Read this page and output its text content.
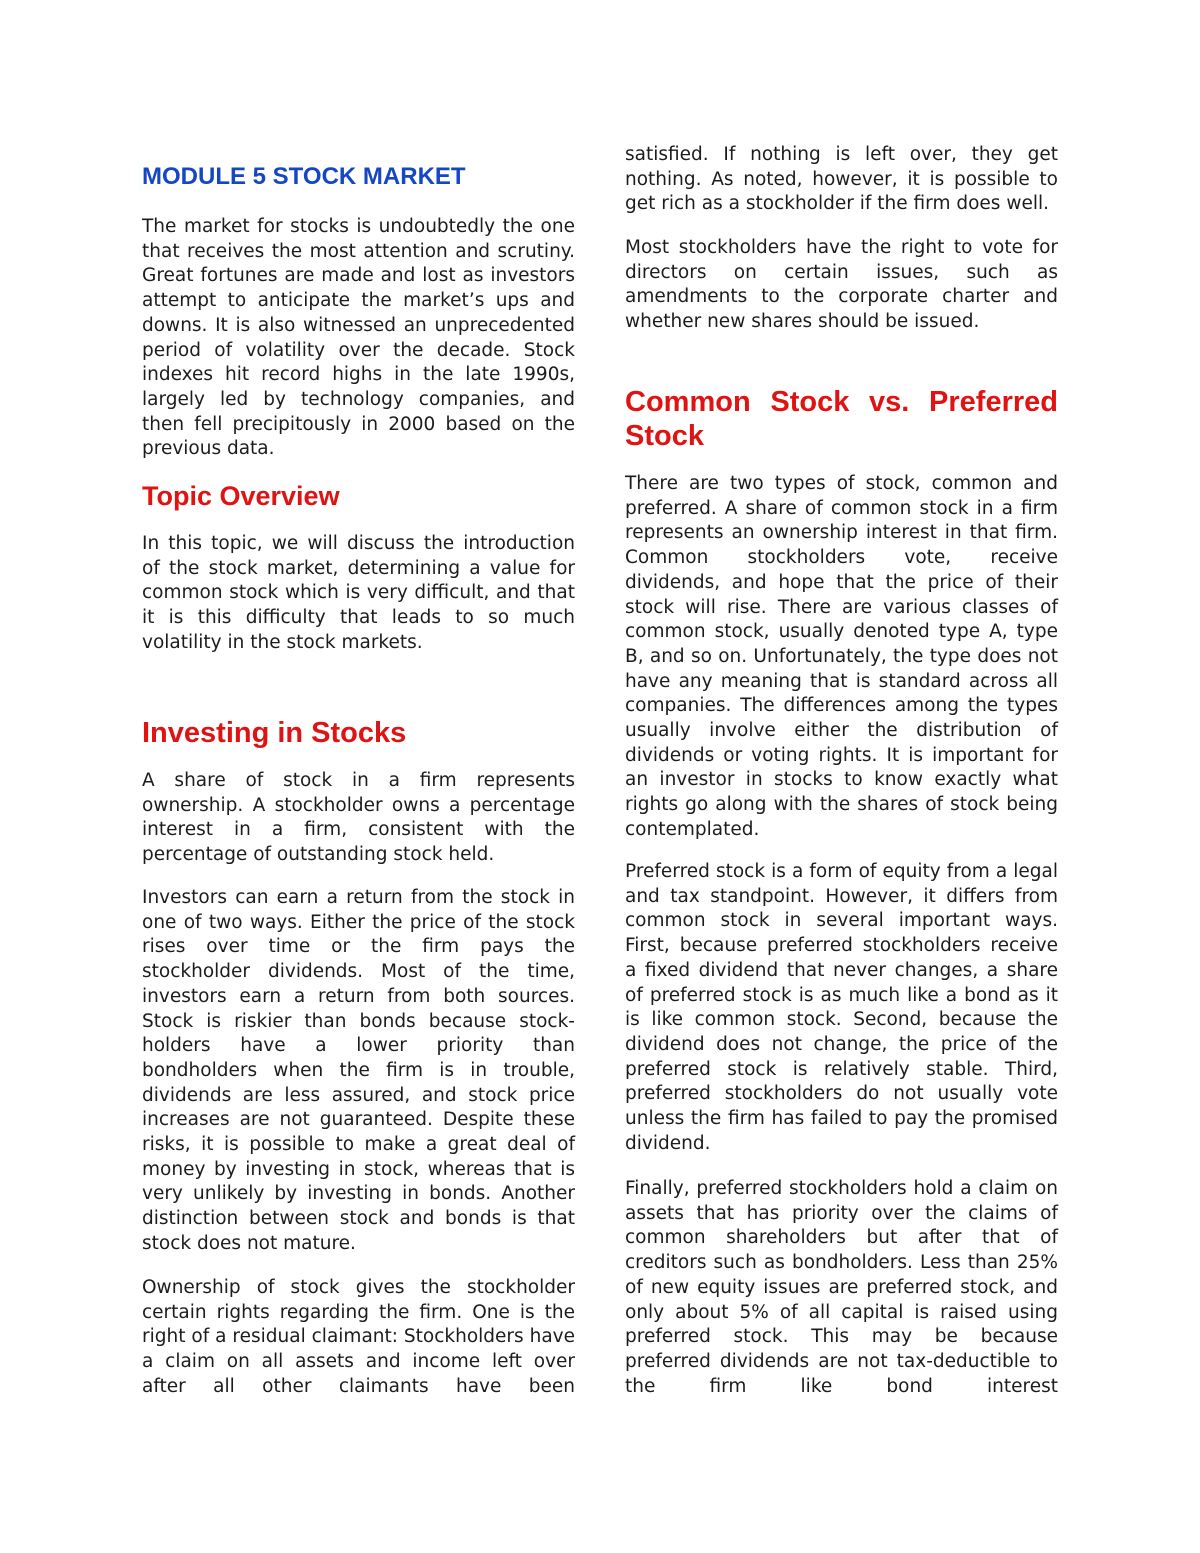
MODULE 5 STOCK MARKET

The market for stocks is undoubtedly the one that receives the most attention and scrutiny. Great fortunes are made and lost as investors attempt to anticipate the market’s ups and downs. It is also witnessed an unprecedented period of volatility over the decade. Stock indexes hit record highs in the late 1990s, largely led by technology companies, and then fell precipitously in 2000 based on the previous data.

Topic Overview

In this topic, we will discuss the introduction of the stock market, determining a value for common stock which is very difficult, and that it is this difficulty that leads to so much volatility in the stock markets.

Investing in Stocks

A share of stock in a firm represents ownership. A stockholder owns a percentage interest in a firm, consistent with the percentage of outstanding stock held.

Investors can earn a return from the stock in one of two ways. Either the price of the stock rises over time or the firm pays the stockholder dividends. Most of the time, investors earn a return from both sources. Stock is riskier than bonds because stock-holders have a lower priority than bondholders when the firm is in trouble, dividends are less assured, and stock price increases are not guaranteed. Despite these risks, it is possible to make a great deal of money by investing in stock, whereas that is very unlikely by investing in bonds. Another distinction between stock and bonds is that stock does not mature.

Ownership of stock gives the stockholder certain rights regarding the firm. One is the right of a residual claimant: Stockholders have a claim on all assets and income left over after all other claimants have been

satisfied. If nothing is left over, they get nothing. As noted, however, it is possible to get rich as a stockholder if the firm does well.

Most stockholders have the right to vote for directors on certain issues, such as amendments to the corporate charter and whether new shares should be issued.

Common Stock vs. Preferred
Stock

There are two types of stock, common and preferred. A share of common stock in a firm represents an ownership interest in that firm. Common stockholders vote, receive dividends, and hope that the price of their stock will rise. There are various classes of common stock, usually denoted type A, type B, and so on. Unfortunately, the type does not have any meaning that is standard across all companies. The differences among the types usually involve either the distribution of dividends or voting rights. It is important for an investor in stocks to know exactly what rights go along with the shares of stock being contemplated.

Preferred stock is a form of equity from a legal and tax standpoint. However, it differs from common stock in several important ways. First, because preferred stockholders receive a fixed dividend that never changes, a share of preferred stock is as much like a bond as it is like common stock. Second, because the dividend does not change, the price of the preferred stock is relatively stable. Third, preferred stockholders do not usually vote unless the firm has failed to pay the promised dividend.

Finally, preferred stockholders hold a claim on assets that has priority over the claims of common shareholders but after that of creditors such as bondholders. Less than 25% of new equity issues are preferred stock, and only about 5% of all capital is raised using preferred stock. This may be because preferred dividends are not tax-deductible to the firm like bond interest
